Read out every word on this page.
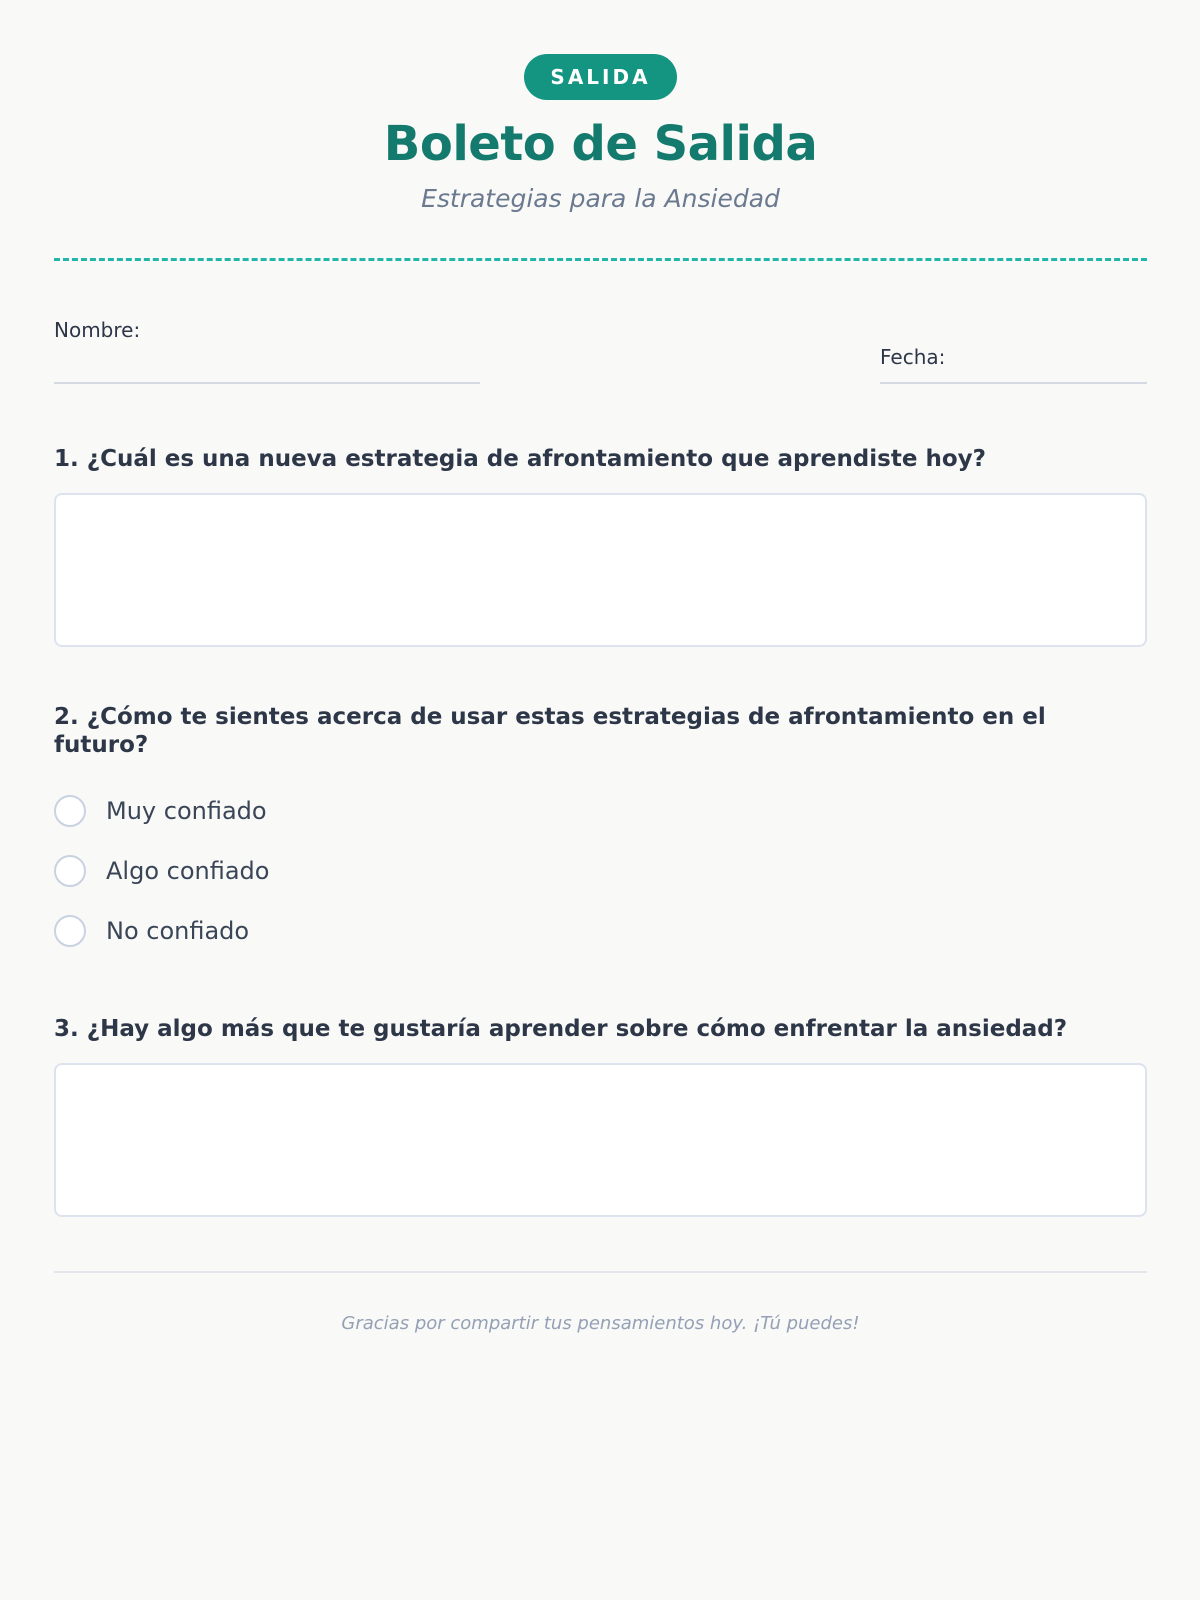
SALIDA
Boleto de Salida
Estrategias para la Ansiedad
Nombre:
Fecha:
1. ¿Cuál es una nueva estrategia de afrontamiento que aprendiste hoy?
2. ¿Cómo te sientes acerca de usar estas estrategias de afrontamiento en el futuro?
Muy confiado
Algo confiado
No confiado
3. ¿Hay algo más que te gustaría aprender sobre cómo enfrentar la ansiedad?
Gracias por compartir tus pensamientos hoy. ¡Tú puedes!
